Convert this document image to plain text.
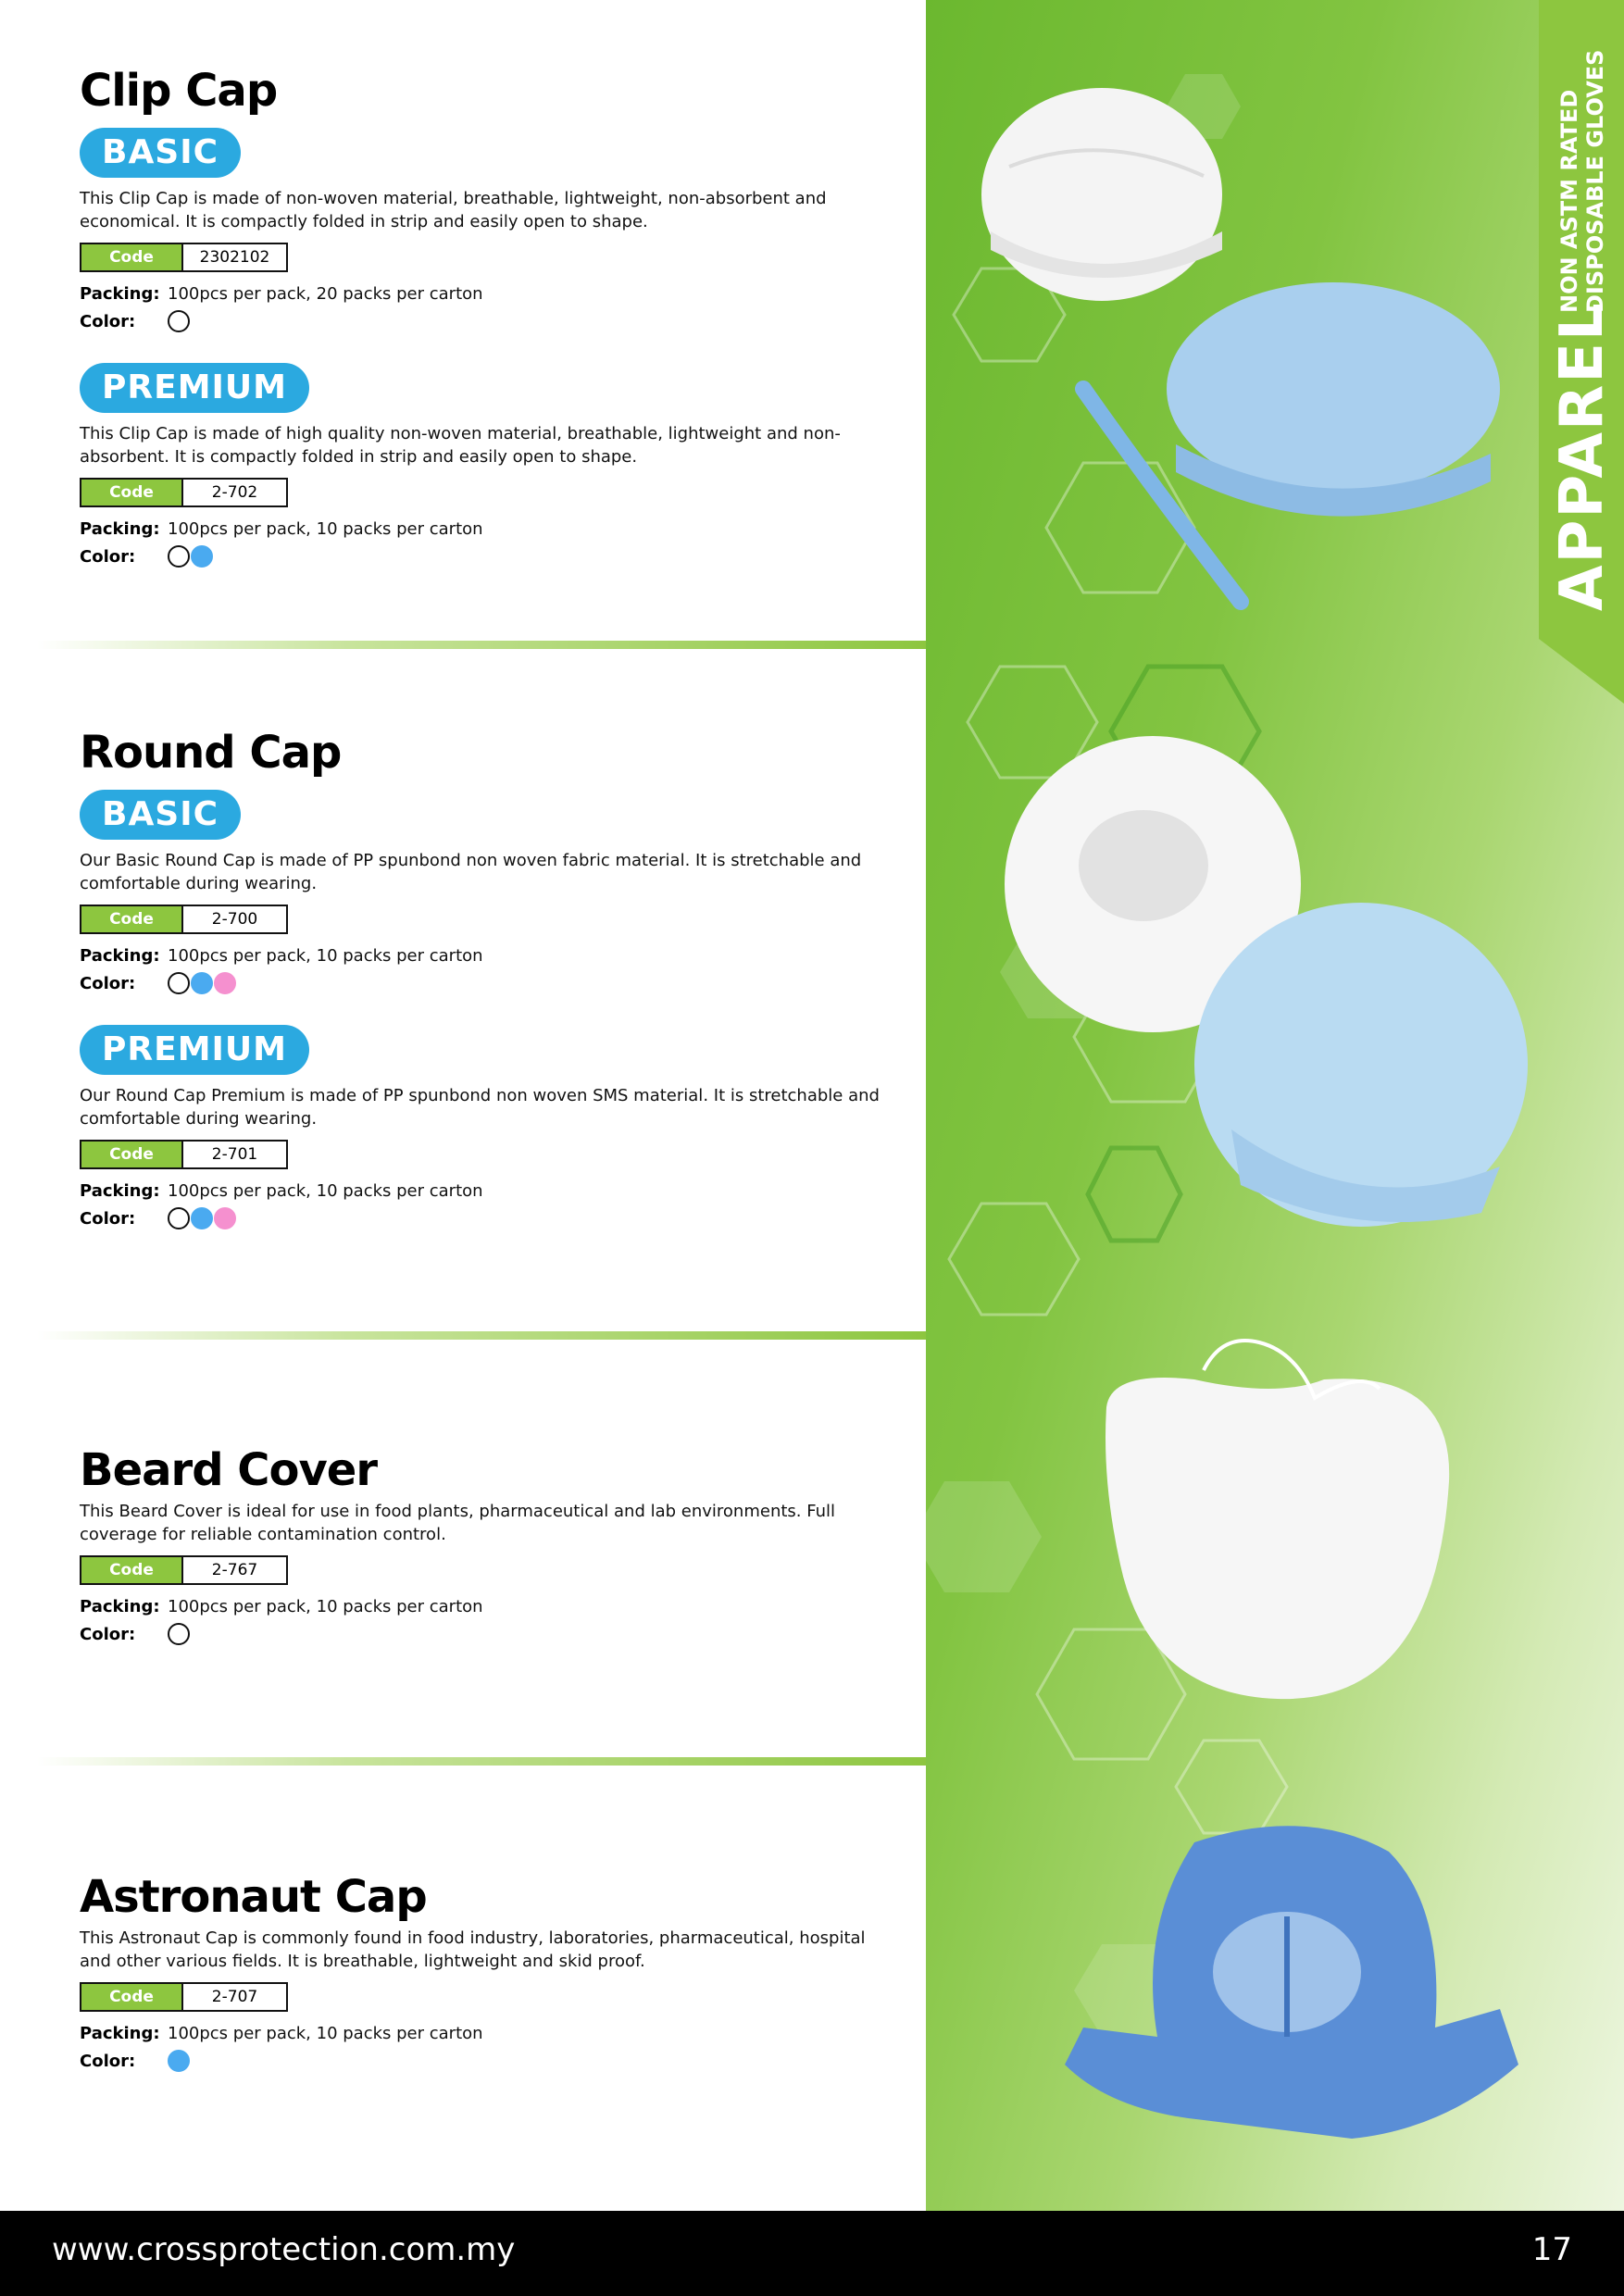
Clip Cap
BASIC
This Clip Cap is made of non-woven material, breathable, lightweight, non-absorbent and economical. It is compactly folded in strip and easily open to shape.
Code	2302102
Packing: 100pcs per pack, 20 packs per carton
Color:
PREMIUM
This Clip Cap is made of high quality non-woven material, breathable, lightweight and non-absorbent. It is compactly folded in strip and easily open to shape.
Code	2-702
Packing: 100pcs per pack, 10 packs per carton
Color:
Round Cap
BASIC
Our Basic Round Cap is made of PP spunbond non woven fabric material. It is stretchable and comfortable during wearing.
Code	2-700
Packing: 100pcs per pack, 10 packs per carton
Color:
PREMIUM
Our Round Cap Premium is made of PP spunbond non woven SMS material. It is stretchable and comfortable during wearing.
Code	2-701
Packing: 100pcs per pack, 10 packs per carton
Color:
Beard Cover
This Beard Cover is ideal for use in food plants, pharmaceutical and lab environments. Full coverage for reliable contamination control.
Code	2-767
Packing: 100pcs per pack, 10 packs per carton
Color:
Astronaut Cap
This Astronaut Cap is commonly found in food industry, laboratories, pharmaceutical, hospital and other various fields. It is breathable, lightweight and skid proof.
Code	2-707
Packing: 100pcs per pack, 10 packs per carton
Color:
APPAREL
NON ASTM RATED DISPOSABLE GLOVES
www.crossprotection.com.my	17
